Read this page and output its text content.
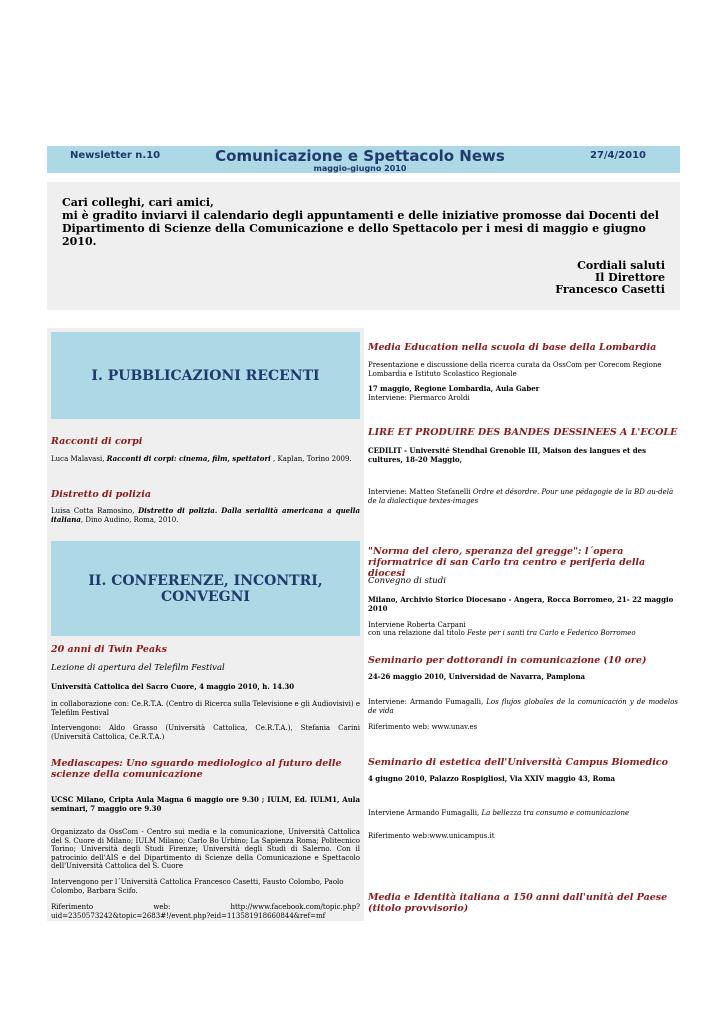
Newsletter n.10	Comunicazione e Spettacolo News
maggio-giugno 2010
27/4/2010
Cari colleghi, cari amici,
mi è gradito inviarvi il calendario degli appuntamenti e delle iniziative promosse dai Docenti del Dipartimento di Scienze della Comunicazione e dello Spettacolo per i mesi di maggio e giugno 2010.
Cordiali saluti
Il Direttore
Francesco Casetti
I. PUBBLICAZIONI RECENTI
Racconti di corpi
Luca Malavasi, Racconti di corpi: cinema, film, spettatori , Kaplan, Torino 2009.
Distretto di polizia
Luisa Cotta Ramosino, Distretto di polizia. Dalla serialità americana a quella italiana, Dino Audino, Roma, 2010.
II. CONFERENZE, INCONTRI, CONVEGNI
20 anni di Twin Peaks
Lezione di apertura del Telefilm Festival
Università Cattolica del Sacro Cuore, 4 maggio 2010, h. 14.30
in collaborazione con: Ce.R.T.A. (Centro di Ricerca sulla Televisione e gli Audiovisivi) e Telefilm Festival
Intervengono: Aldo Grasso (Università Cattolica, Ce.R.T.A.), Stefania Carini (Università Cattolica, Ce.R.T.A.)
Mediascapes: Uno sguardo mediologico al futuro delle scienze della comunicazione
UCSC Milano, Cripta Aula Magna 6 maggio ore 9.30 ; IULM, Ed. IULM1, Aula seminari, 7 maggio ore 9.30
Organizzato da OssCom - Centro sui media e la comunicazione, Università Cattolica del S. Cuore di Milano; IULM Milano; Carlo Bo Urbino; La Sapienza Roma; Politecnico Torino; Università degli Studi Firenze; Università degli Studi di Salerno. Con il patrocinio dell'AIS e del Dipartimento di Scienze della Comunicazione e Spettacolo dell'Università Cattolica del S. Cuore
Intervengono per l´Università Cattolica Francesco Casetti, Fausto Colombo, Paolo Colombo, Barbara Scifo.
Riferimento	web:	http://www.facebook.com/topic.php?
uid=2350573242&topic=2683#!/event.php?eid=113581918660844&ref=mf
Media Education nella scuola di base della Lombardia
Presentazione e discussione della ricerca curata da OssCom per Corecom Regione Lombardia e Istituto Scolastico Regionale
17 maggio, Regione Lombardia, Aula Gaber
Interviene: Piermarco Aroldi
LIRE ET PRODUIRE DES BANDES DESSINEES A L'ECOLE
CEDILIT - Université Stendhal Grenoble III, Maison des langues et des cultures, 18-20 Maggio,
Interviene: Matteo Stefanelli Ordre et désordre. Pour une pédagogie de la BD au-delà de la dialectique textes-images
"Norma del clero, speranza del gregge": l´opera riformatrice di san Carlo tra centro e periferia della diocesi
Convegno di studi
Milano, Archivio Storico Diocesano - Angera, Rocca Borromeo, 21- 22 maggio 2010
Interviene Roberta Carpani
con una relazione dal titolo Feste per i santi tra Carlo e Federico Borromeo
Seminario per dottorandi in comunicazione (10 ore)
24-26 maggio 2010, Universidad de Navarra, Pamplona
Interviene: Armando Fumagalli, Los flujos globales de la comunicación y de modelos de vida
Riferimento web: www.unav.es
Seminario di estetica dell'Università Campus Biomedico
4 giugno 2010, Palazzo Rospigliosi, Via XXIV maggio 43, Roma
Interviene Armando Fumagalli, La bellezza tra consumo e comunicazione
Riferimento web:www.unicampus.it
Media e Identità italiana a 150 anni dall'unità del Paese (titolo provvisorio)
